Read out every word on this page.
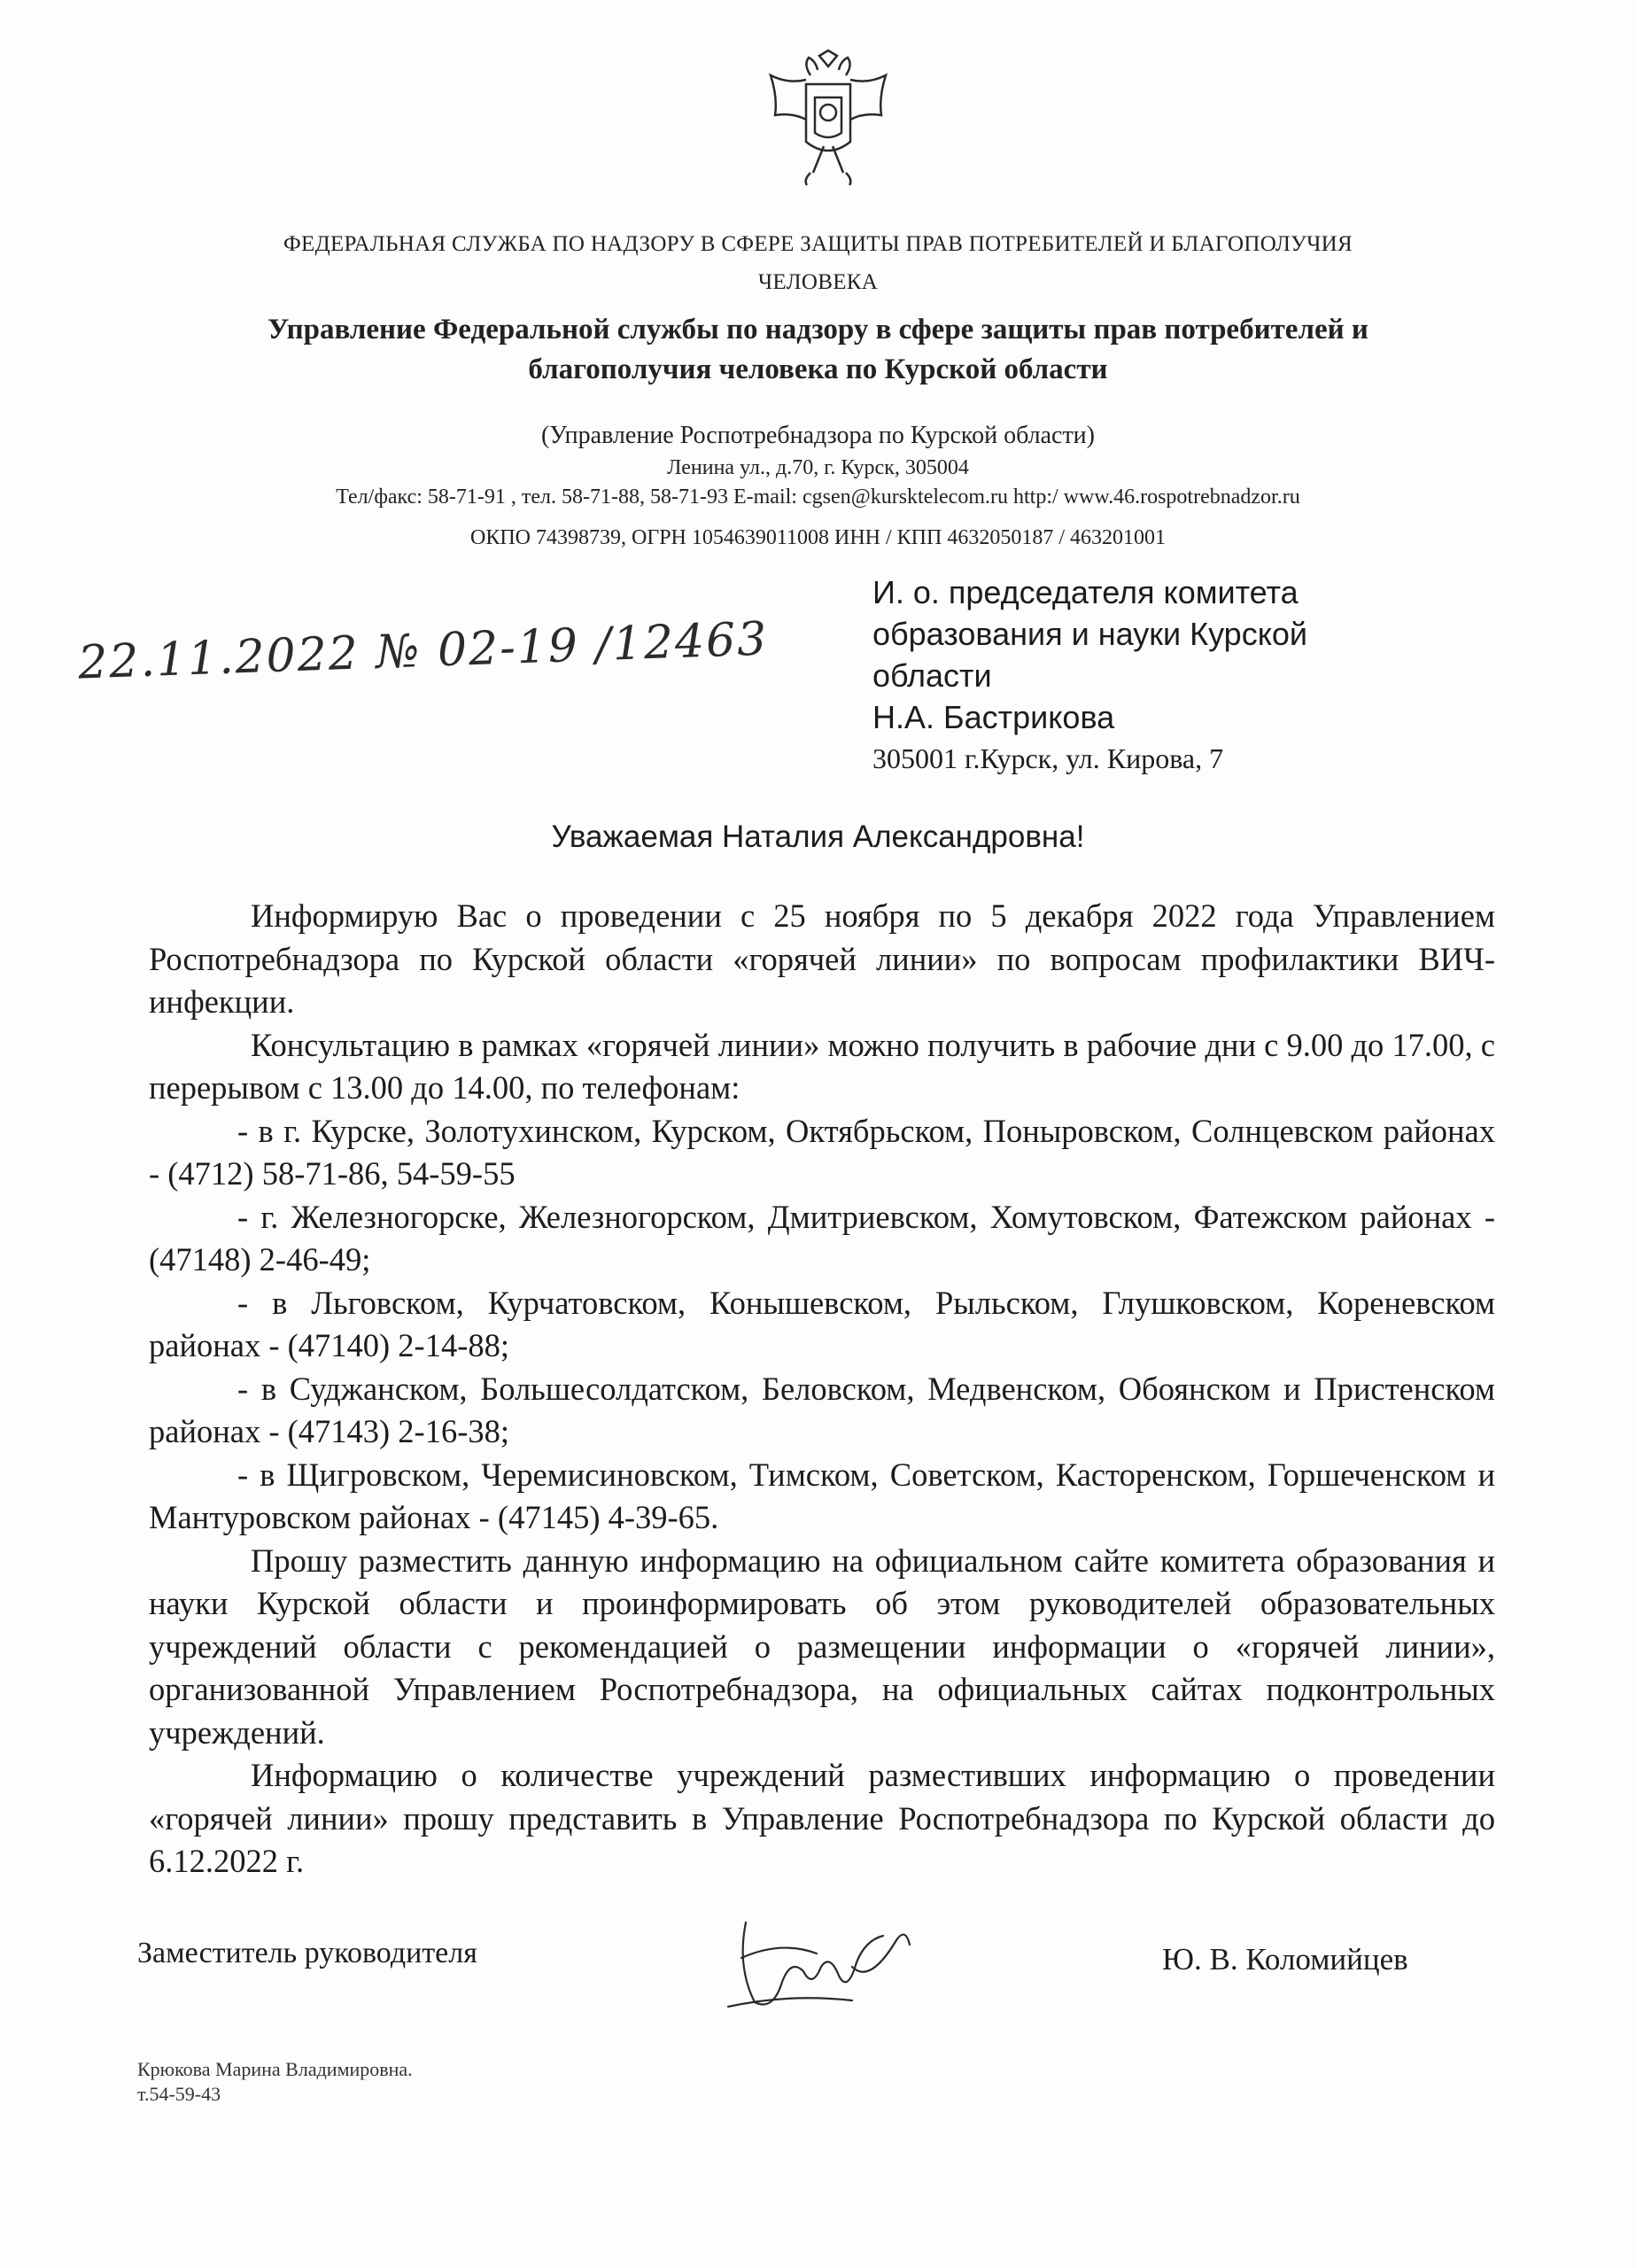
ФЕДЕРАЛЬНАЯ СЛУЖБА ПО НАДЗОРУ В СФЕРЕ ЗАЩИТЫ ПРАВ ПОТРЕБИТЕЛЕЙ И БЛАГОПОЛУЧИЯ
ЧЕЛОВЕКА
Управление Федеральной службы по надзору в сфере защиты прав потребителей и
благополучия человека по Курской области
(Управление Роспотребнадзора по Курской области)
Ленина ул., д.70, г. Курск, 305004
Тел/факс: 58-71-91 , тел. 58-71-88, 58-71-93 E-mail: cgsen@kursktelecom.ru http:/ www.46.rospotrebnadzor.ru
ОКПО 74398739, ОГРН 1054639011008 ИНН / КПП 4632050187 / 463201001
22.11.2022 № 02-19 /12463
И. о. председателя комитета
образования и науки Курской
области
Н.А. Бастрикова
305001 г.Курск, ул. Кирова, 7
Уважаемая Наталия Александровна!

Информирую Вас о проведении с 25 ноября по 5 декабря 2022 года Управлением Роспотребнадзора по Курской области «горячей линии» по вопросам профилактики ВИЧ-инфекции.

Консультацию в рамках «горячей линии» можно получить в рабочие дни с 9.00 до 17.00, с перерывом с 13.00 до 14.00, по телефонам:

- в г. Курске, Золотухинском, Курском, Октябрьском, Поныровском, Солнцевском районах - (4712) 58-71-86, 54-59-55
- г. Железногорске, Железногорском, Дмитриевском, Хомутовском, Фатежском районах - (47148) 2-46-49;
- в Льговском, Курчатовском, Конышевском, Рыльском, Глушковском, Кореневском районах - (47140) 2-14-88;
- в Суджанском, Большесолдатском, Беловском, Медвенском, Обоянском и Пристенском районах - (47143) 2-16-38;
- в Щигровском, Черемисиновском, Тимском, Советском, Касторенском, Горшеченском и Мантуровском районах - (47145) 4-39-65.

Прошу разместить данную информацию на официальном сайте комитета образования и науки Курской области и проинформировать об этом руководителей образовательных учреждений области с рекомендацией о размещении информации о «горячей линии», организованной Управлением Роспотребнадзора, на официальных сайтах подконтрольных учреждений.

Информацию о количестве учреждений разместивших информацию о проведении «горячей линии» прошу представить в Управление Роспотребнадзора по Курской области до 6.12.2022 г.

Заместитель руководителя	Ю. В. Коломийцев
Крюкова Марина Владимировна.
т.54-59-43
